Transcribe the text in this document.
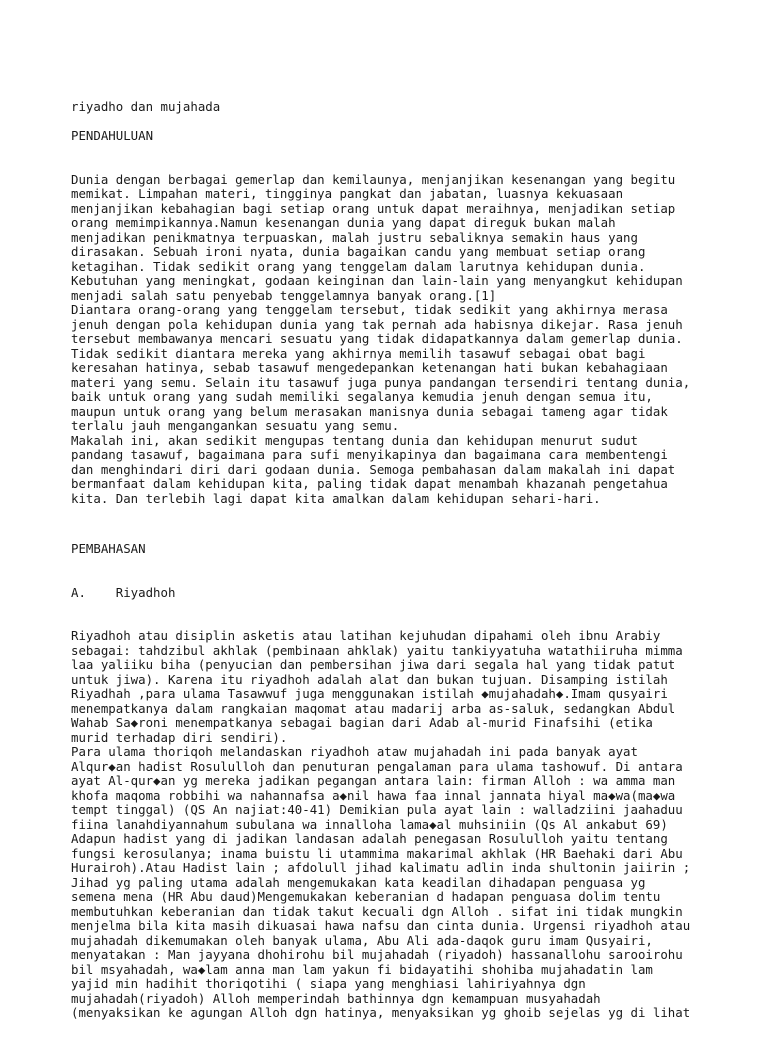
riyadho dan mujahada

PENDAHULUAN

Dunia dengan berbagai gemerlap dan kemilaunya, menjanjikan kesenangan yang begitu
memikat. Limpahan materi, tingginya pangkat dan jabatan, luasnya kekuasaan
menjanjikan kebahagian bagi setiap orang untuk dapat meraihnya, menjadikan setiap
orang memimpikannya.Namun kesenangan dunia yang dapat direguk bukan malah
menjadikan penikmatnya terpuaskan, malah justru sebaliknya semakin haus yang
dirasakan. Sebuah ironi nyata, dunia bagaikan candu yang membuat setiap orang
ketagihan. Tidak sedikit orang yang tenggelam dalam larutnya kehidupan dunia.
Kebutuhan yang meningkat, godaan keinginan dan lain-lain yang menyangkut kehidupan
menjadi salah satu penyebab tenggelamnya banyak orang.[1]
Diantara orang-orang yang tenggelam tersebut, tidak sedikit yang akhirnya merasa
jenuh dengan pola kehidupan dunia yang tak pernah ada habisnya dikejar. Rasa jenuh
tersebut membawanya mencari sesuatu yang tidak didapatkannya dalam gemerlap dunia.
Tidak sedikit diantara mereka yang akhirnya memilih tasawuf sebagai obat bagi
keresahan hatinya, sebab tasawuf mengedepankan ketenangan hati bukan kebahagiaan
materi yang semu. Selain itu tasawuf juga punya pandangan tersendiri tentang dunia,
baik untuk orang yang sudah memiliki segalanya kemudia jenuh dengan semua itu,
maupun untuk orang yang belum merasakan manisnya dunia sebagai tameng agar tidak
terlalu jauh mengangankan sesuatu yang semu.
Makalah ini, akan sedikit mengupas tentang dunia dan kehidupan menurut sudut
pandang tasawuf, bagaimana para sufi menyikapinya dan bagaimana cara membentengi
dan menghindari diri dari godaan dunia. Semoga pembahasan dalam makalah ini dapat
bermanfaat dalam kehidupan kita, paling tidak dapat menambah khazanah pengetahua
kita. Dan terlebih lagi dapat kita amalkan dalam kehidupan sehari-hari.

PEMBAHASAN

A.    Riyadhoh

Riyadhoh atau disiplin asketis atau latihan kejuhudan dipahami oleh ibnu Arabiy
sebagai: tahdzibul akhlak (pembinaan ahklak) yaitu tankiyyatuha watathiiruha mimma
laa yaliiku biha (penyucian dan pembersihan jiwa dari segala hal yang tidak patut
untuk jiwa). Karena itu riyadhoh adalah alat dan bukan tujuan. Disamping istilah
Riyadhah ,para ulama Tasawwuf juga menggunakan istilah ◆mujahadah◆.Imam qusyairi
menempatkanya dalam rangkaian maqomat atau madarij arba as-saluk, sedangkan Abdul
Wahab Sa◆roni menempatkanya sebagai bagian dari Adab al-murid Finafsihi (etika
murid terhadap diri sendiri).
Para ulama thoriqoh melandaskan riyadhoh ataw mujahadah ini pada banyak ayat
Alqur◆an hadist Rosululloh dan penuturan pengalaman para ulama tashowuf. Di antara
ayat Al-qur◆an yg mereka jadikan pegangan antara lain: firman Alloh : wa amma man
khofa maqoma robbihi wa nahannafsa a◆nil hawa faa innal jannata hiyal ma◆wa(ma◆wa
tempt tinggal) (QS An najiat:40-41) Demikian pula ayat lain : walladziini jaahaduu
fiina lanahdiyannahum subulana wa innalloha lama◆al muhsiniin (Qs Al ankabut 69)
Adapun hadist yang di jadikan landasan adalah penegasan Rosululloh yaitu tentang
fungsi kerosulanya; inama buistu li utammima makarimal akhlak (HR Baehaki dari Abu
Hurairoh).Atau Hadist lain ; afdolull jihad kalimatu adlin inda shultonin jaiirin ;
Jihad yg paling utama adalah mengemukakan kata keadilan dihadapan penguasa yg
semena mena (HR Abu daud)Mengemukakan keberanian d hadapan penguasa dolim tentu
membutuhkan keberanian dan tidak takut kecuali dgn Alloh . sifat ini tidak mungkin
menjelma bila kita masih dikuasai hawa nafsu dan cinta dunia. Urgensi riyadhoh atau
mujahadah dikemumakan oleh banyak ulama, Abu Ali ada-daqok guru imam Qusyairi,
menyatakan : Man jayyana dhohirohu bil mujahadah (riyadoh) hassanallohu sarooirohu
bil msyahadah, wa◆lam anna man lam yakun fi bidayatihi shohiba mujahadatin lam
yajid min hadihit thoriqotihi ( siapa yang menghiasi lahiriyahnya dgn
mujahadah(riyadoh) Alloh memperindah bathinnya dgn kemampuan musyahadah
(menyaksikan ke agungan Alloh dgn hatinya, menyaksikan yg ghoib sejelas yg di lihat
